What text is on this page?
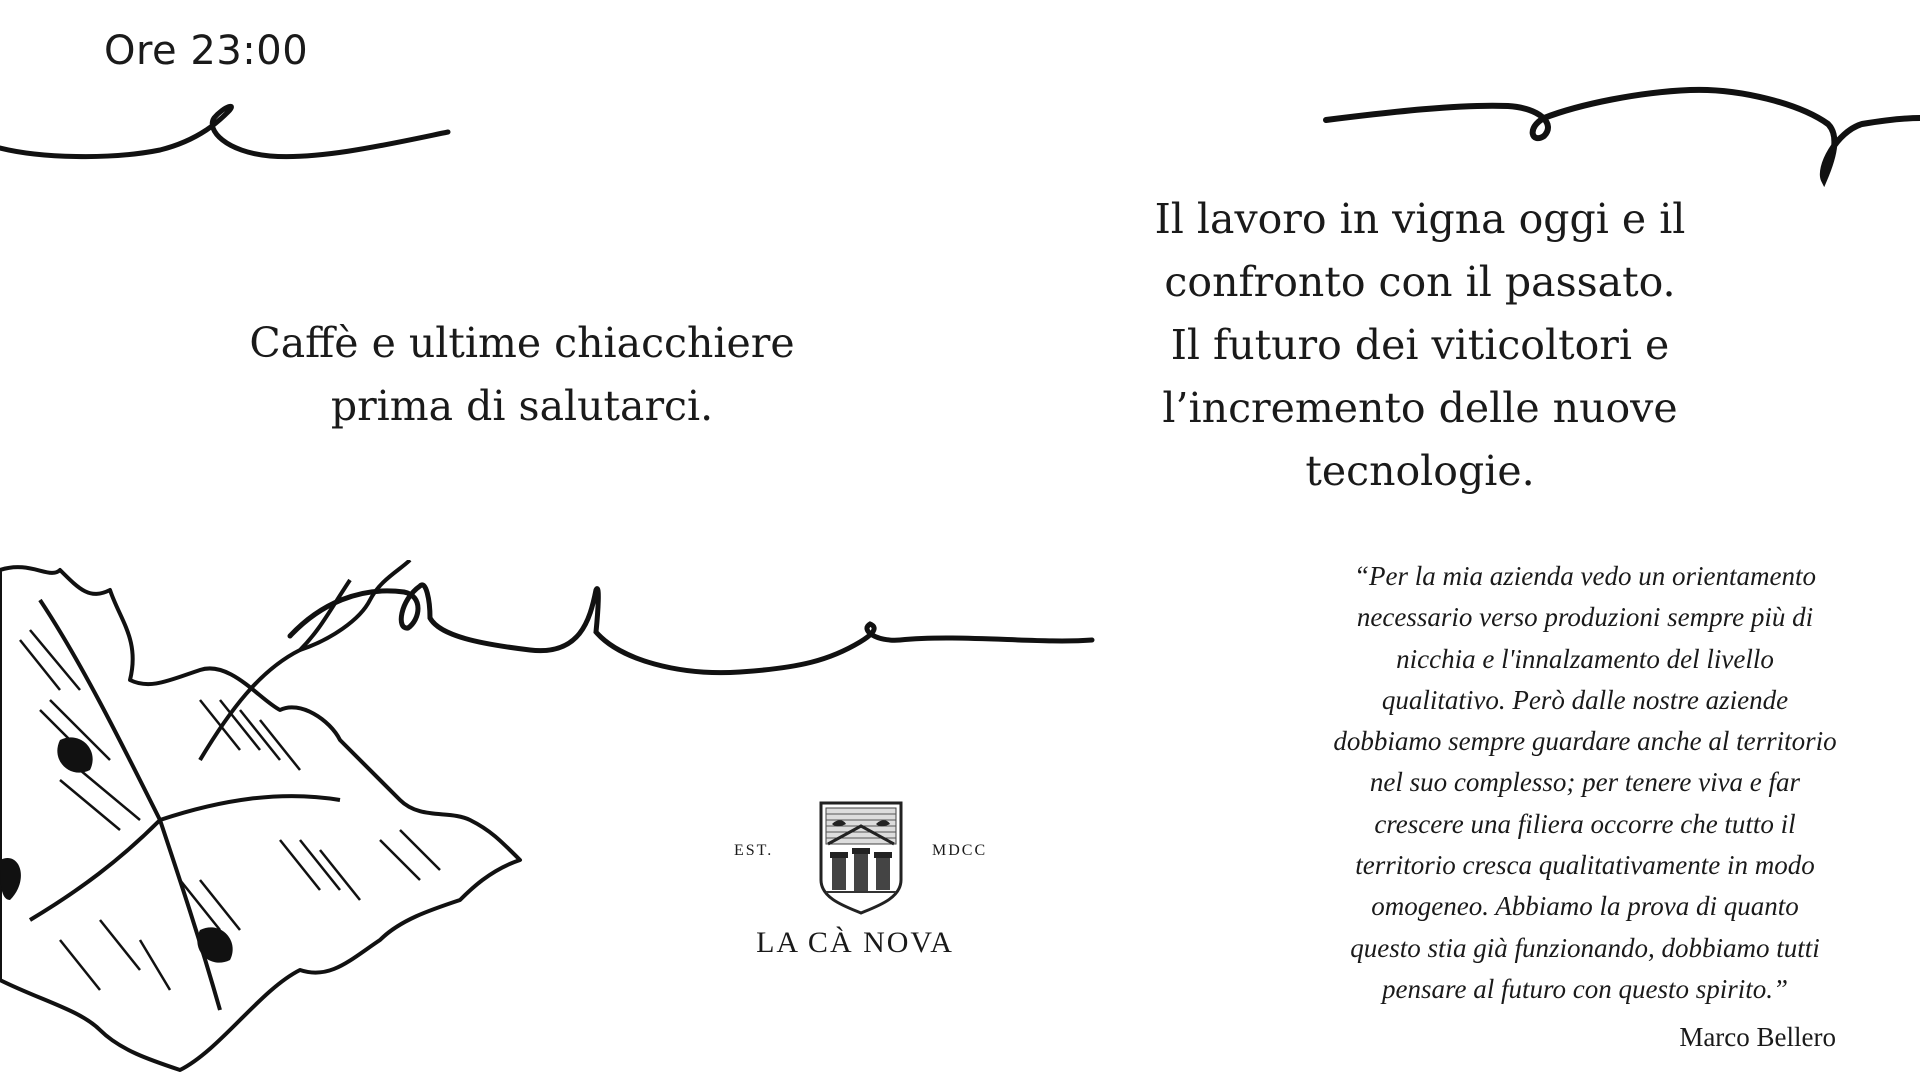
Ore 23:00
Caffè e ultime chiacchiere
prima di salutarci.
Il lavoro in vigna oggi e il
confronto con il passato.
Il futuro dei viticoltori e
l’incremento delle nuove
tecnologie.
“Per la mia azienda vedo un orientamento
necessario verso produzioni sempre più di
nicchia e l'innalzamento del livello
qualitativo. Però dalle nostre aziende
dobbiamo sempre guardare anche al territorio
nel suo complesso; per tenere viva e far
crescere una filiera occorre che tutto il
territorio cresca qualitativamente in modo
omogeneo. Abbiamo la prova di quanto
questo stia già funzionando, dobbiamo tutti
pensare al futuro con questo spirito.”
Marco Bellero
EST.	MDCC
LA CÀ NOVA
